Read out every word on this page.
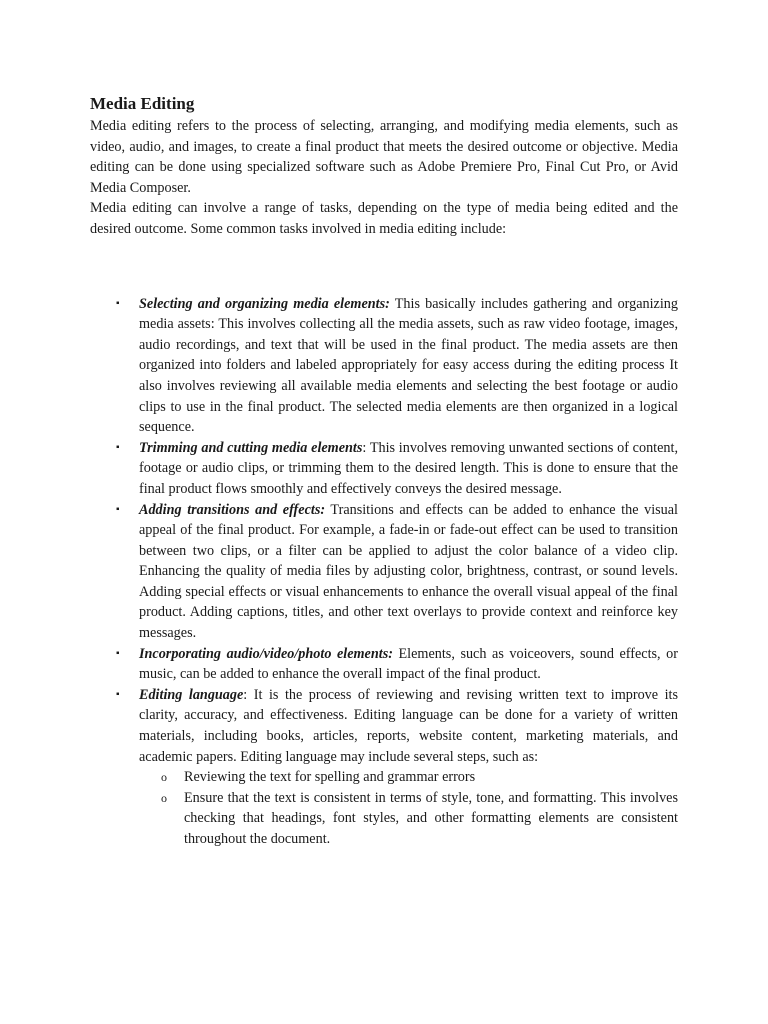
Media Editing

Media editing refers to the process of selecting, arranging, and modifying media elements, such as video, audio, and images, to create a final product that meets the desired outcome or objective. Media editing can be done using specialized software such as Adobe Premiere Pro, Final Cut Pro, or Avid Media Composer.

Media editing can involve a range of tasks, depending on the type of media being edited and the desired outcome. Some common tasks involved in media editing include:

▪ Selecting and organizing media elements: This basically includes gathering and organizing media assets: This involves collecting all the media assets, such as raw video footage, images, audio recordings, and text that will be used in the final product. The media assets are then organized into folders and labeled appropriately for easy access during the editing process It also involves reviewing all available media elements and selecting the best footage or audio clips to use in the final product. The selected media elements are then organized in a logical sequence.
▪ Trimming and cutting media elements: This involves removing unwanted sections of content, footage or audio clips, or trimming them to the desired length. This is done to ensure that the final product flows smoothly and effectively conveys the desired message.
▪ Adding transitions and effects: Transitions and effects can be added to enhance the visual appeal of the final product. For example, a fade-in or fade-out effect can be used to transition between two clips, or a filter can be applied to adjust the color balance of a video clip. Enhancing the quality of media files by adjusting color, brightness, contrast, or sound levels. Adding special effects or visual enhancements to enhance the overall visual appeal of the final product. Adding captions, titles, and other text overlays to provide context and reinforce key messages.
▪ Incorporating audio/video/photo elements: Elements, such as voiceovers, sound effects, or music, can be added to enhance the overall impact of the final product.
▪ Editing language: It is the process of reviewing and revising written text to improve its clarity, accuracy, and effectiveness. Editing language can be done for a variety of written materials, including books, articles, reports, website content, marketing materials, and academic papers. Editing language may include several steps, such as:
o Reviewing the text for spelling and grammar errors
o Ensure that the text is consistent in terms of style, tone, and formatting. This involves checking that headings, font styles, and other formatting elements are consistent throughout the document.
